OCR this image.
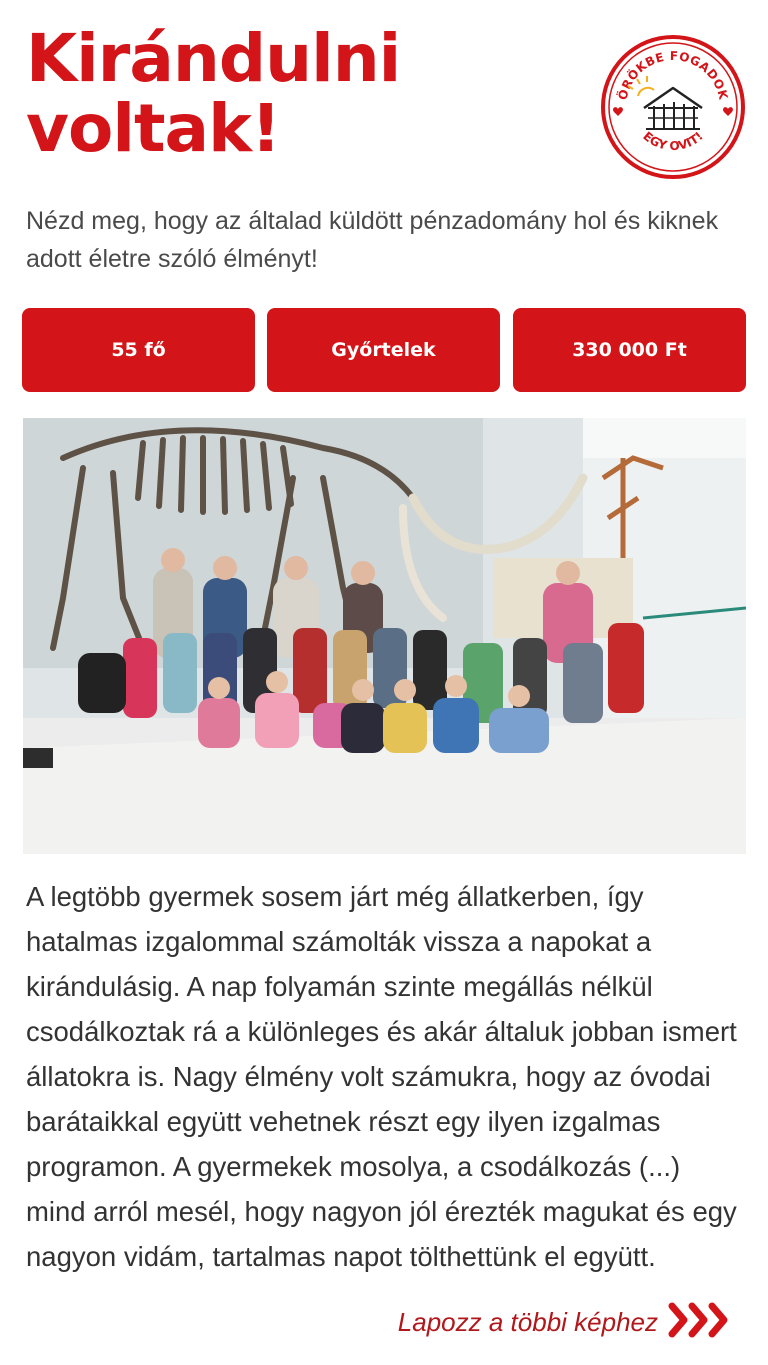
Kirándulni
voltak!	ÖRÖKBE FOGADOK
EGY OVIT!

Nézd meg, hogy az általad küldött pénzadomány hol és kiknek adott életre szóló élményt!

55 fő	Győrtelek	330 000 Ft

A legtöbb gyermek sosem járt még állatkerben, így hatalmas izgalommal számolták vissza a napokat a kirándulásig. A nap folyamán szinte megállás nélkül csodálkoztak rá a különleges és akár általuk jobban ismert állatokra is. Nagy élmény volt számukra, hogy az óvodai barátaikkal együtt vehetnek részt egy ilyen izgalmas programon. A gyermekek mosolya, a csodálkozás (...) mind arról mesél, hogy nagyon jól érezték magukat és egy nagyon vidám, tartalmas napot tölthettünk el együtt.

Lapozz a többi képhez
